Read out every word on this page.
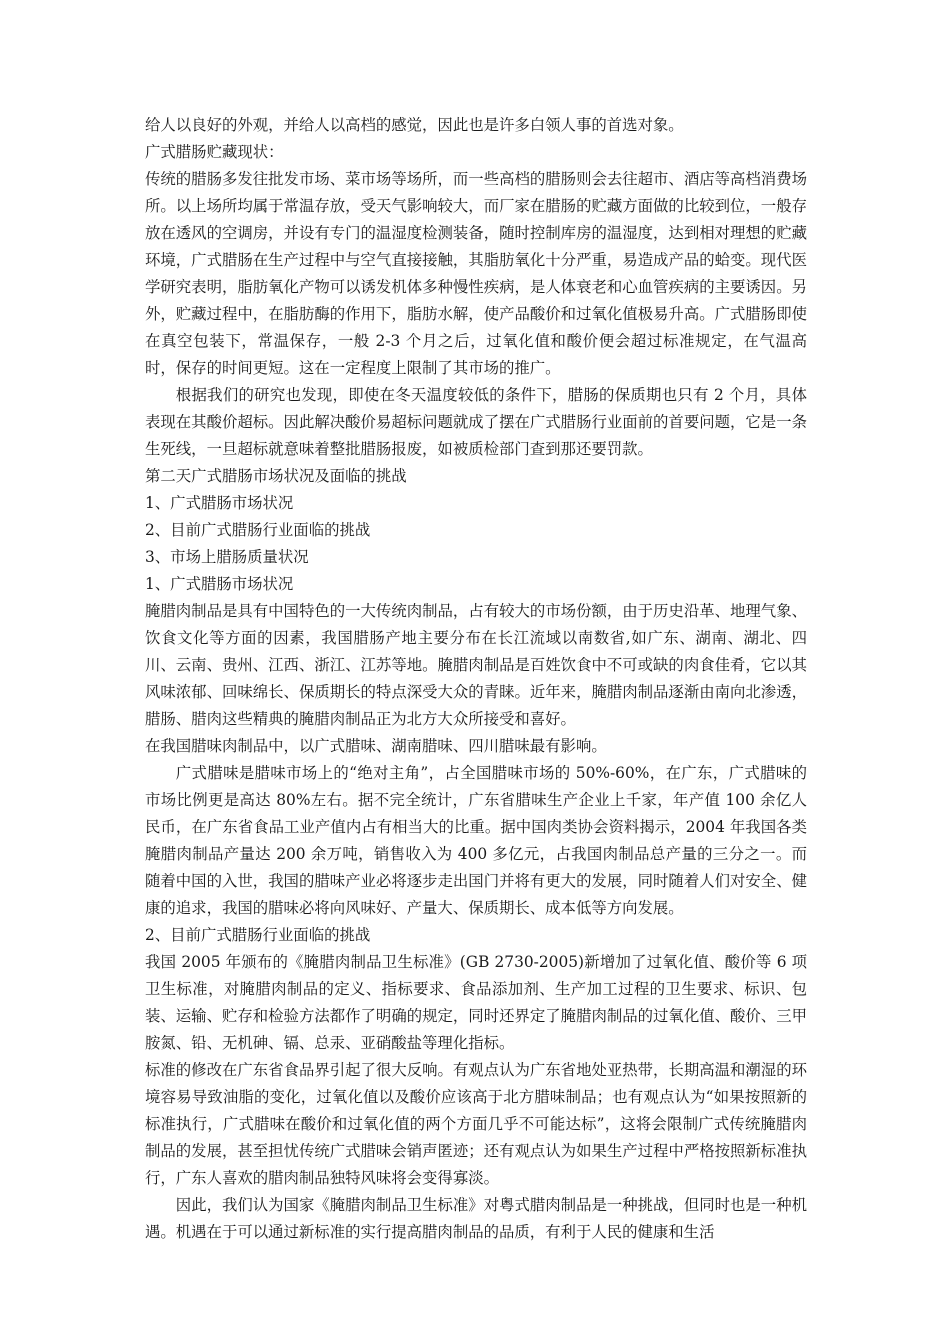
给人以良好的外观，并给人以高档的感觉，因此也是许多白领人事的首选对象。

广式腊肠贮藏现状：

传统的腊肠多发往批发市场、菜市场等场所，而一些高档的腊肠则会去往超市、酒店等高档消费场所。以上场所均属于常温存放，受天气影响较大，而厂家在腊肠的贮藏方面做的比较到位，一般存放在透风的空调房，并设有专门的温湿度检测装备，随时控制库房的温湿度，达到相对理想的贮藏环境，广式腊肠在生产过程中与空气直接接触，其脂肪氧化十分严重，易造成产品的蛤变。现代医学研究表明，脂肪氧化产物可以诱发机体多种慢性疾病，是人体衰老和心血管疾病的主要诱因。另外，贮藏过程中，在脂肪酶的作用下，脂肪水解，使产品酸价和过氧化值极易升高。广式腊肠即使在真空包装下，常温保存，一般 2-3 个月之后，过氧化值和酸价便会超过标准规定，在气温高时，保存的时间更短。这在一定程度上限制了其市场的推广。

根据我们的研究也发现，即使在冬天温度较低的条件下，腊肠的保质期也只有 2 个月，具体表现在其酸价超标。因此解决酸价易超标问题就成了摆在广式腊肠行业面前的首要问题，它是一条生死线，一旦超标就意味着整批腊肠报废，如被质检部门查到那还要罚款。

第二天广式腊肠市场状况及面临的挑战

1、广式腊肠市场状况

2、目前广式腊肠行业面临的挑战

3、市场上腊肠质量状况

1、广式腊肠市场状况

腌腊肉制品是具有中国特色的一大传统肉制品，占有较大的市场份额，由于历史沿革、地理气象、饮食文化等方面的因素，我国腊肠产地主要分布在长江流域以南数省,如广东、湖南、湖北、四川、云南、贵州、江西、浙江、江苏等地。腌腊肉制品是百姓饮食中不可或缺的肉食佳肴，它以其风味浓郁、回味绵长、保质期长的特点深受大众的青睐。近年来，腌腊肉制品逐渐由南向北渗透，腊肠、腊肉这些精典的腌腊肉制品正为北方大众所接受和喜好。

在我国腊味肉制品中，以广式腊味、湖南腊味、四川腊味最有影响。

广式腊味是腊味市场上的“绝对主角”，占全国腊味市场的 50%-60%，在广东，广式腊味的市场比例更是高达 80%左右。据不完全统计，广东省腊味生产企业上千家，年产值 100 余亿人民币，在广东省食品工业产值内占有相当大的比重。据中国肉类协会资料揭示，2004 年我国各类腌腊肉制品产量达 200 余万吨，销售收入为 400 多亿元，占我国肉制品总产量的三分之一。而随着中国的入世，我国的腊味产业必将逐步走出国门并将有更大的发展，同时随着人们对安全、健康的追求，我国的腊味必将向风味好、产量大、保质期长、成本低等方向发展。

2、目前广式腊肠行业面临的挑战

我国 2005 年颁布的《腌腊肉制品卫生标准》(GB 2730-2005)新增加了过氧化值、酸价等 6 项卫生标准，对腌腊肉制品的定义、指标要求、食品添加剂、生产加工过程的卫生要求、标识、包装、运输、贮存和检验方法都作了明确的规定，同时还界定了腌腊肉制品的过氧化值、酸价、三甲胺氮、铅、无机砷、镉、总汞、亚硝酸盐等理化指标。

标准的修改在广东省食品界引起了很大反响。有观点认为广东省地处亚热带，长期高温和潮湿的环境容易导致油脂的变化，过氧化值以及酸价应该高于北方腊味制品；也有观点认为“如果按照新的标准执行，广式腊味在酸价和过氧化值的两个方面几乎不可能达标”，这将会限制广式传统腌腊肉制品的发展，甚至担忧传统广式腊味会销声匿迹；还有观点认为如果生产过程中严格按照新标准执行，广东人喜欢的腊肉制品独特风味将会变得寡淡。

因此，我们认为国家《腌腊肉制品卫生标准》对粤式腊肉制品是一种挑战，但同时也是一种机遇。机遇在于可以通过新标准的实行提高腊肉制品的品质，有利于人民的健康和生活
